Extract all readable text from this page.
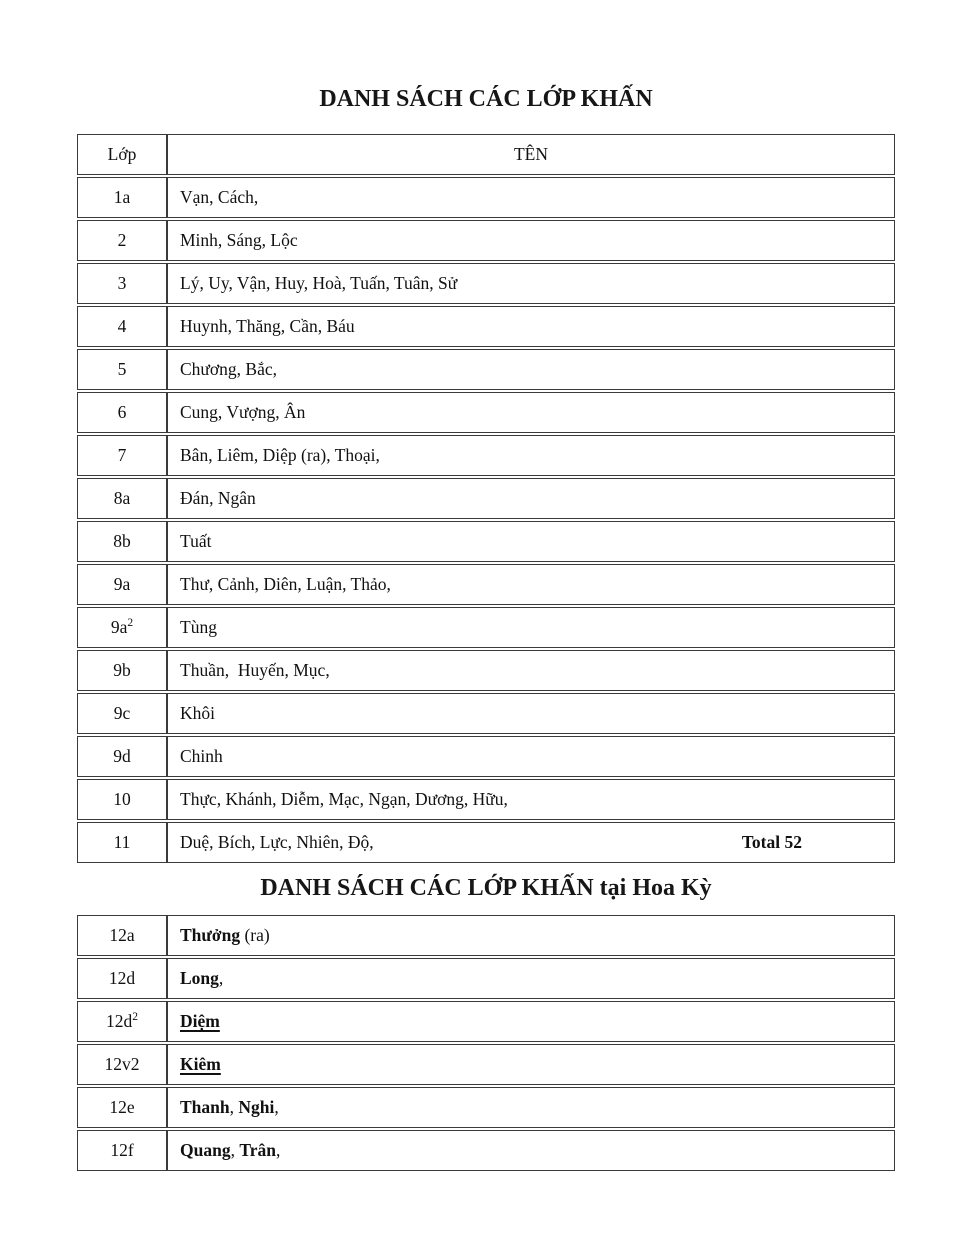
DANH SÁCH CÁC LỚP KHẤN
Lớp	TÊN
1a	Vạn, Cách,
2	Minh, Sáng, Lộc
3	Lý, Uy, Vận, Huy, Hoà, Tuấn, Tuân, Sử
4	Huynh, Thăng, Cần, Báu
5	Chương, Bắc,
6	Cung, Vượng, Ân
7	Bân, Liêm, Diệp (ra), Thoại,
8a	Đán, Ngân
8b	Tuất
9a	Thư, Cảnh, Diên, Luận, Thảo,
$9a^2$	Tùng
9b	Thuần,  Huyến, Mục,
9c	Khôi
9d	Chinh
10	Thực, Khánh, Diễm, Mạc, Ngạn, Dương, Hữu,
11	Duệ, Bích, Lực, Nhiên, Độ, Total 52
DANH SÁCH CÁC LỚP KHẤN tại Hoa Kỳ
12a	Thưởng (ra)
12d	Long,
$12d^2$	Diệm
12v2	Kiêm
12e	Thanh, Nghi,
12f	Quang, Trân,
